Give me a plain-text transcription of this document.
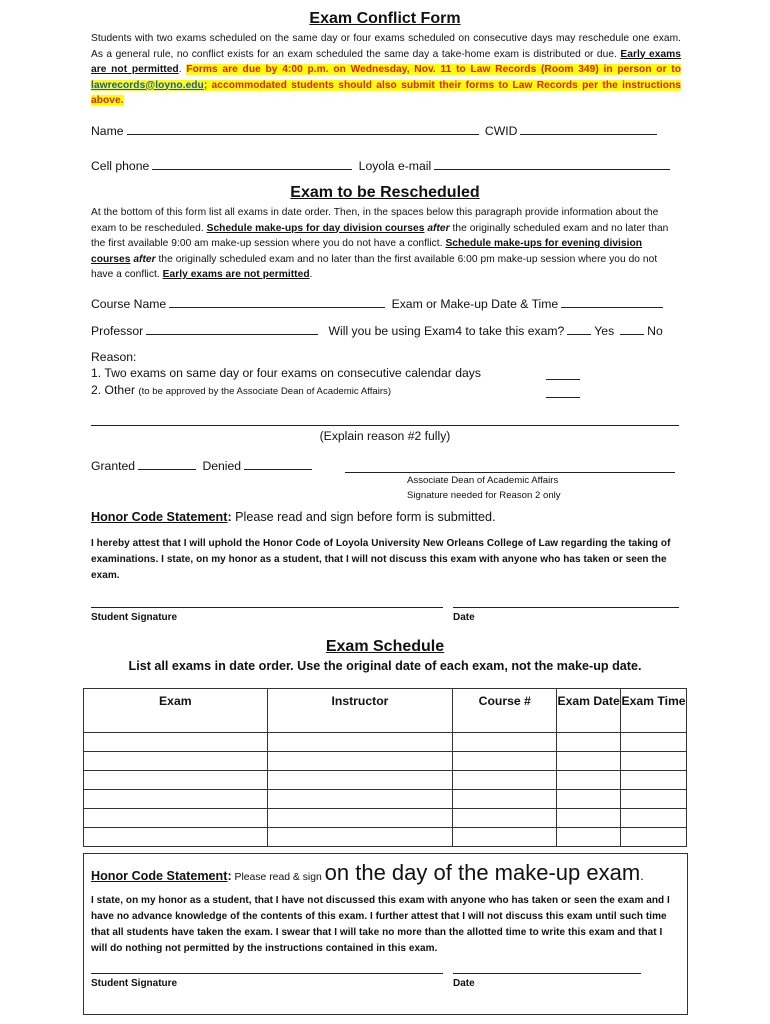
Exam Conflict Form
Students with two exams scheduled on the same day or four exams scheduled on consecutive days may reschedule one exam. As a general rule, no conflict exists for an exam scheduled the same day a take-home exam is distributed or due. Early exams are not permitted. Forms are due by 4:00 p.m. on Wednesday, Nov. 11 to Law Records (Room 349) in person or to lawrecords@loyno.edu; accommodated students should also submit their forms to Law Records per the instructions above.
Name	CWID
Cell phone	Loyola e-mail
Exam to be Rescheduled
At the bottom of this form list all exams in date order. Then, in the spaces below this paragraph provide information about the exam to be rescheduled. Schedule make-ups for day division courses after the originally scheduled exam and no later than the first available 9:00 am make-up session where you do not have a conflict. Schedule make-ups for evening division courses after the originally scheduled exam and no later than the first available 6:00 pm make-up session where you do not have a conflict. Early exams are not permitted.
Course Name	Exam or Make-up Date & Time
Professor	Will you be using Exam4 to take this exam? Yes	No
Reason:
1. Two exams on same day or four exams on consecutive calendar days
2. Other (to be approved by the Associate Dean of Academic Affairs)
(Explain reason #2 fully)
Granted	Denied
Associate Dean of Academic Affairs
Signature needed for Reason 2 only
Honor Code Statement: Please read and sign before form is submitted.
I hereby attest that I will uphold the Honor Code of Loyola University New Orleans College of Law regarding the taking of examinations. I state, on my honor as a student, that I will not discuss this exam with anyone who has taken or seen the exam.
Student Signature	Date
Exam Schedule
List all exams in date order. Use the original date of each exam, not the make-up date.
Exam	Instructor	Course #	Exam Date	Exam Time

Honor Code Statement: Please read & sign on the day of the make-up exam.
I state, on my honor as a student, that I have not discussed this exam with anyone who has taken or seen the exam and I have no advance knowledge of the contents of this exam. I further attest that I will not discuss this exam until such time that all students have taken the exam. I swear that I will take no more than the allotted time to write this exam and that I will do nothing not permitted by the instructions contained in this exam.
Student Signature	Date
